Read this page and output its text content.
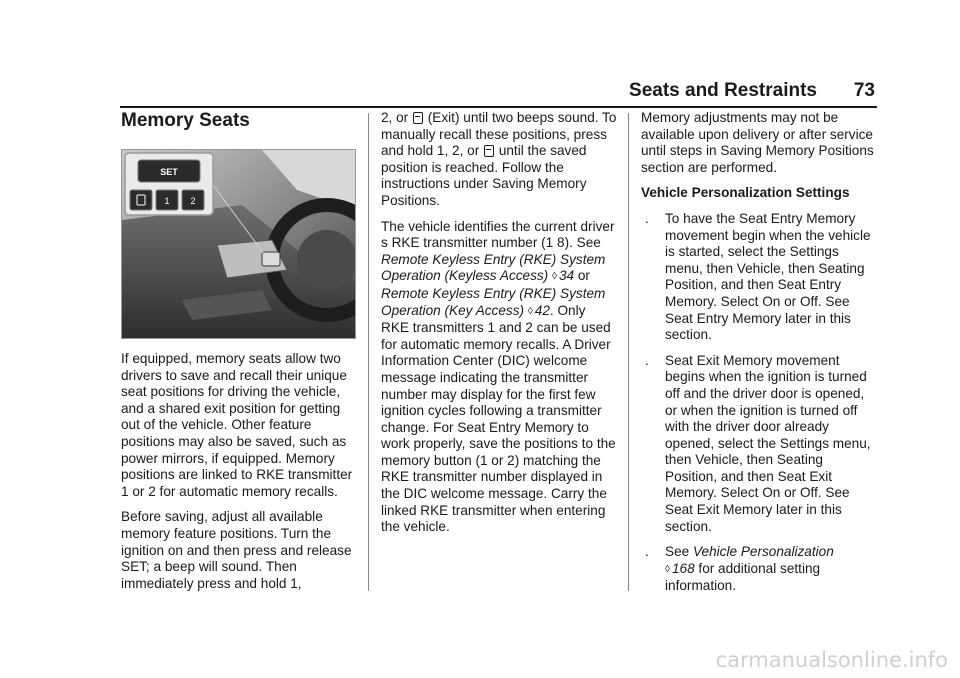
Seats and Restraints 73
Memory Seats
SET
1 2

If equipped, memory seats allow two drivers to save and recall their unique seat positions for driving the vehicle, and a shared exit position for getting out of the vehicle. Other feature positions may also be saved, such as power mirrors, if equipped. Memory positions are linked to RKE transmitter 1 or 2 for automatic memory recalls.

Before saving, adjust all available memory feature positions. Turn the ignition on and then press and release SET; a beep will sound. Then immediately press and hold 1,

2, or (Exit) until two beeps sound. To manually recall these positions, press and hold 1, 2, or until the saved position is reached. Follow the instructions under Saving Memory Positions.

The vehicle identifies the current driver s RKE transmitter number (1 8). See Remote Keyless Entry (RKE) System Operation (Keyless Access) ◊ 34 or Remote Keyless Entry (RKE) System Operation (Key Access) ◊ 42. Only RKE transmitters 1 and 2 can be used for automatic memory recalls. A Driver Information Center (DIC) welcome message indicating the transmitter number may display for the first few ignition cycles following a transmitter change. For Seat Entry Memory to work properly, save the positions to the memory button (1 or 2) matching the RKE transmitter number displayed in the DIC welcome message. Carry the linked RKE transmitter when entering the vehicle.

Memory adjustments may not be available upon delivery or after service until steps in Saving Memory Positions section are performed.

Vehicle Personalization Settings

. To have the Seat Entry Memory movement begin when the vehicle is started, select the Settings menu, then Vehicle, then Seating Position, and then Seat Entry Memory. Select On or Off. See Seat Entry Memory later in this section.
. Seat Exit Memory movement begins when the ignition is turned off and the driver door is opened, or when the ignition is turned off with the driver door already opened, select the Settings menu, then Vehicle, then Seating Position, and then Seat Exit Memory. Select On or Off. See Seat Exit Memory later in this section.
. See Vehicle Personalization
◊ 168 for additional setting information.
carmanualsonline.info
